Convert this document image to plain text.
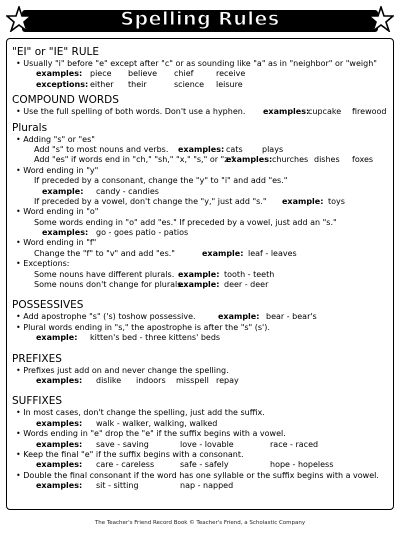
Spelling Rules
"EI" or "IE" RULE
• Usually "i" before "e" except after "c" or as sounding like "a" as in "neighbor" or "weigh"
examples: piece believe chief	receive
exceptions: either their	science leisure
COMPOUND WORDS
• Use the full spelling of both words. Don't use a hyphen. examples:
cupcake firewood
Plurals
• Adding "s" or "es"
Add "s" to most nouns and verbs. examples: cats plays
Add "es" if words end in "ch," "sh," "x," "s," or "z."
examples: churches dishes foxes
• Word ending in "y"
If preceded by a consonant, change the "y" to "i" and add "es."
example: candy - candies
If preceded by a vowel, don't change the "y," just add "s." example: toys
• Word ending in "o"
Some words ending in "o" add "es." If preceded by a vowel, just add an "s."
examples: go - goes patio - patios
• Word ending in "f"
Change the "f" to "v" and add "es."	example: leaf - leaves
• Exceptions:
Some nouns have different plurals. example: tooth - teeth
Some nouns don't change for plurals.
example: deer - deer
POSSESSIVES
• Add apostrophe "s" ('s) toshow possessive.	example: bear - bear's
• Plural words ending in "s," the apostrophe is after the "s" (s').
example: kitten's bed - three kittens' beds
PREFIXES
• Prefixes just add on and never change the spelling.
examples: dislike indoors misspell repay
SUFFIXES
• In most cases, don't change the spelling, just add the suffix.
examples: walk - walker, walking, walked
• Words ending in "e" drop the "e" if the suffix begins with a vowel.
examples: save - saving	love - lovable	race - raced
• Keep the final "e" if the suffix begins with a consonant.
examples: care - careless	safe - safely	hope - hopeless
• Double the final consonant if the word has one syllable or the suffix begins with a vowel.
examples: sit - sitting	nap - napped
The Teacher's Friend Record Book © Teacher's Friend, a Scholastic Company
